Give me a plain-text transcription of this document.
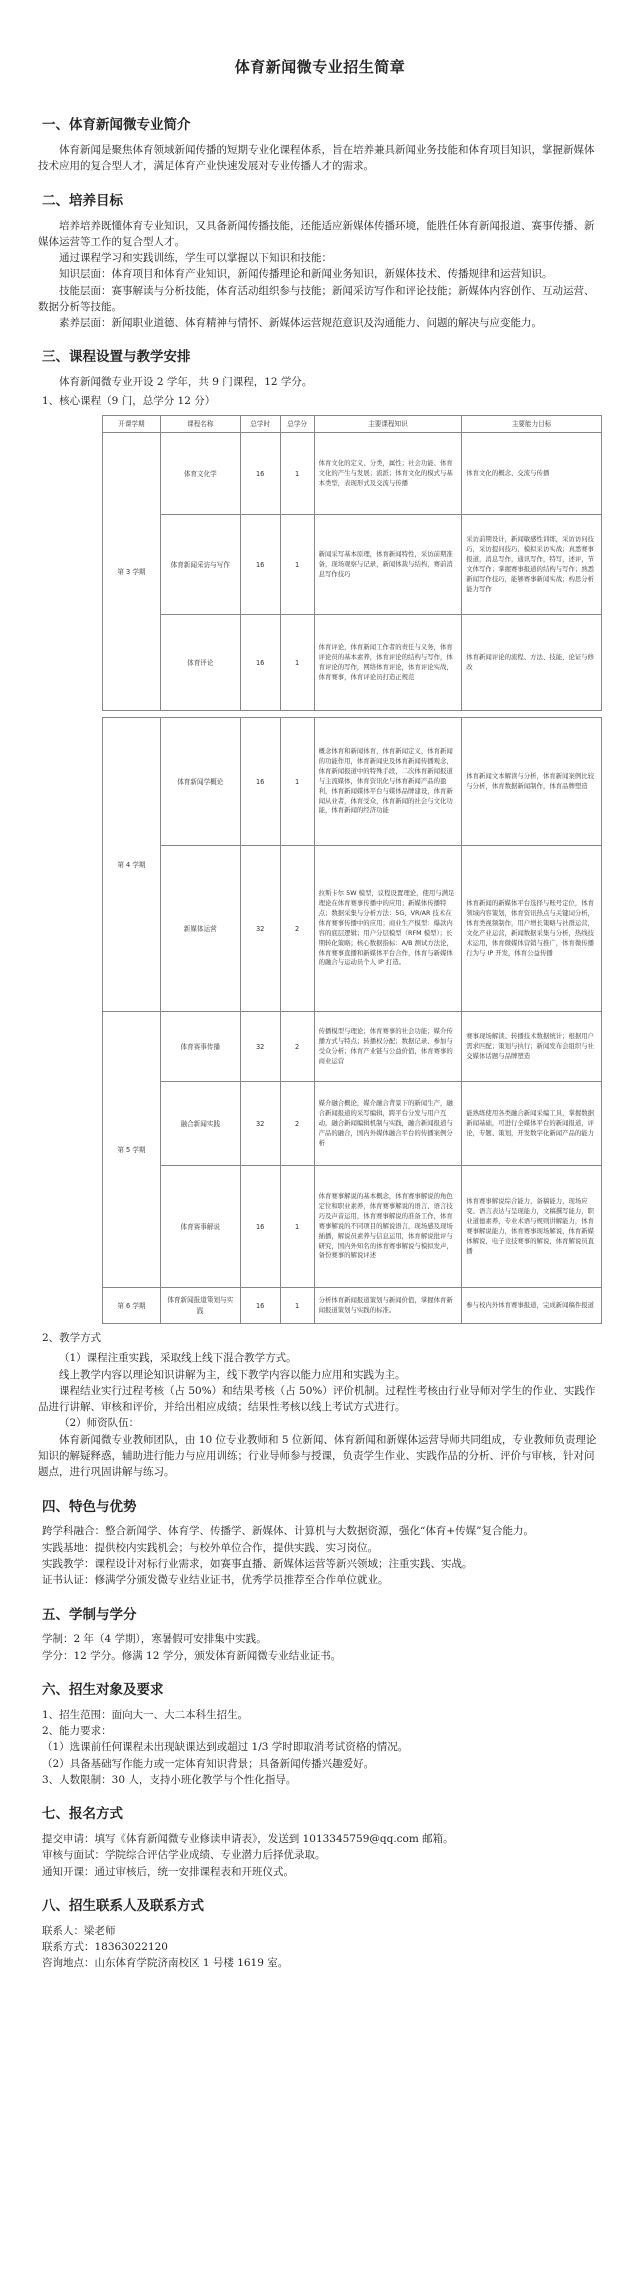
体育新闻微专业招生简章
一、体育新闻微专业简介

体育新闻是聚焦体育领域新闻传播的短期专业化课程体系，旨在培养兼具新闻业务技能和体育项目知识，掌握新媒体技术应用的复合型人才，满足体育产业快速发展对专业传播人才的需求。

二、培养目标

培养培养既懂体育专业知识，又具备新闻传播技能，还能适应新媒体传播环境，能胜任体育新闻报道、赛事传播、新媒体运营等工作的复合型人才。

通过课程学习和实践训练，学生可以掌握以下知识和技能：

知识层面：体育项目和体育产业知识，新闻传播理论和新闻业务知识，新媒体技术、传播规律和运营知识。

技能层面：赛事解读与分析技能，体育活动组织参与技能；新闻采访写作和评论技能；新媒体内容创作、互动运营、数据分析等技能。

素养层面：新闻职业道德、体育精神与情怀、新媒体运营规范意识及沟通能力、问题的解决与应变能力。

三、课程设置与教学安排

体育新闻微专业开设 2 学年，共 9 门课程，12 学分。

1、核心课程（9 门，总学分 12 分）

开课学期	课程名称	总学时	总学分	主要课程知识	主要能力目标
第 3 学期	体育文化学	16	1	体育文化的定义、分类，属性；社会功能、体育文化的产生与发展；流派；体育文化的模式与基本类型，表现形式及交流与传播	体育文化的概念、交流与传播
	体育新闻采访与写作	16	1	新闻采写基本原理，体育新闻特性，采访前期准备，现场观察与记录，新闻体裁与结构，赛前消息写作技巧	采访前期设计，新闻敏感性训练，采访访问技巧，采访提问技巧，模拟采访实战；真悉赛事报道，消息写作，通讯写作，特写，述评，节文体写作；掌握赛事报道的结构与写作；熟悉新闻写作技巧，能够赛事新闻实战；构思分析能力写作
	体育评论	16	1	体育评论，体育新闻工作者的责任与义务，体育评论员的基本素养，体育评论的结构与写作，体育评论的写作，网络体育评论，体育评论实战，体育赛事，体育评论员打造正规范	体育新闻评论的流程、方法、技能、论证与修改
第 4 学期	体育新闻学概论	16	1	概念体育和新闻体育，体育新闻定义，体育新闻的功能作用，体育新闻史及体育新闻传播观念，体育新闻报道中的特殊手段，二次体育新闻报道与主流媒体，体育资讯化与体育新闻产品的盈利，体育新闻媒体平台与媒体品牌建设，体育新闻从业者，体育受众，体育新闻的社会与文化功能，体育新闻的经济功能	体育新闻文本解读与分析，体育新闻案例比较与分析，体育数据新闻制作，体育品牌塑造
	新媒体运营	32	2	拉斯卡尔 5W 模型，议程设置理论，使用与满足理论在体育赛事传播中的应用；新媒体传播特点；数据采集与分析方法：5G、VR/AR 技术在体育赛事传播中的应用；商业生产模型：爆款内容的底层逻辑；用户分层模型（RFM 模型）；长期转化策略；核心数据指标：A/B 测试方法论，体育赛事直播和新媒体平台合作，体育与新媒体的融合与运动员个人 IP 打造。	体育新闻的新媒体平台选择与账号定位，体育领域内容策划，体育资讯热点与关键词分析，体育类视频制作，用户增长策略与社群运营，文化产业运营，新闻数据采集与分析，热线技术运用，体育微媒体营销与推广，体育微传播行为与 IP 开发，体育公益传播
第 5 学期	体育赛事传播	32	2	传播模型与理论；体育赛事的社会功能；媒介传播方式与特点；转播权分配；数据记录、参加与受众分析；体育产业链与公益价值，体育赛事的商业运营	赛事现场解读、转播技术数据统计；根据用户需求匹配；策划与执行；新闻发布会组织与社交媒体话题与品牌塑造
	融合新闻实践	32	2	媒介融合概论，媒介融合背景下的新闻生产，融合新闻报道的采写编辑，跨平台分发与用户互动，融合新闻编辑机制与实践，融合新闻报道与产品的融合，国内外媒体融合平台的传播案例分析	能熟练使用各类融合新闻采编工具，掌握数据新闻基础，可进行全媒体平台的新闻报道，评论，专题、策划，开发数字化新闻产品的能力
	体育赛事解说	16	1	体育赛事解说的基本概念，体育赛事解说的角色定位和职业素养，体育赛事解说的语言、语言技巧及声音运用，体育赛事解说的准备工作，体育赛事解说的不同项目的解说语言，现场感及现场插播，解说员素养与信息运用，体育解说批评与研究，国内外知名的体育赛事解说与模拟发声，备份赛事的解说评述	体育赛事解说综合能力，备稿能力，现场应变、语言表达与呈现能力，文稿撰写能力，职业道德素养，专业术语与规则讲解能力，体育赛事解说能力，体育赛事现场解说，体育新媒体解说，电子竞技赛事的解说，体育解说员直播
第 6 学期	体育新闻报道策划与实践	16	1	分析体育新闻报道策划与新闻价值，掌握体育新闻报道策划与实践的标准。	参与校内外体育赛事报道，完成新闻稿件报道

2、教学方式

（1）课程注重实践，采取线上线下混合教学方式。

线上教学内容以理论知识讲解为主，线下教学内容以能力应用和实践为主。

课程结业实行过程考核（占 50%）和结果考核（占 50%）评价机制。过程性考核由行业导师对学生的作业、实践作品进行讲解、审核和评价，并给出相应成绩；结果性考核以线上考试方式进行。

（2）师资队伍：

体育新闻微专业教师团队，由 10 位专业教师和 5 位新闻、体育新闻和新媒体运营导师共同组成，专业教师负责理论知识的解疑释惑，辅助进行能力与应用训练；行业导师参与授课，负责学生作业、实践作品的分析、评价与审核，针对问题点，进行巩固讲解与练习。

四、特色与优势

跨学科融合：整合新闻学、体育学、传播学、新媒体、计算机与大数据资源，强化“体育+传媒”复合能力。

实践基地：提供校内实践机会；与校外单位合作，提供实践、实习岗位。

实践教学：课程设计对标行业需求，如赛事直播、新媒体运营等新兴领域；注重实践、实战。

证书认证：修满学分颁发微专业结业证书，优秀学员推荐至合作单位就业。

五、学制与学分

学制：2 年（4 学期），寒暑假可安排集中实践。

学分：12 学分。修满 12 学分，颁发体育新闻微专业结业证书。

六、招生对象及要求

1、招生范围：面向大一、大二本科生招生。

2、能力要求：

（1）选课前任何课程未出现缺课达到或超过 1/3 学时即取消考试资格的情况。

（2）具备基础写作能力或一定体育知识背景；具备新闻传播兴趣爱好。

3、人数限制：30 人，支持小班化教学与个性化指导。

七、报名方式

提交申请：填写《体育新闻微专业修读申请表》，发送到 1013345759@qq.com 邮箱。

审核与面试：学院综合评估学业成绩、专业潜力后择优录取。

通知开课：通过审核后，统一安排课程表和开班仪式。

八、招生联系人及联系方式

联系人：梁老师

联系方式：18363022120

咨询地点：山东体育学院济南校区 1 号楼 1619 室。
